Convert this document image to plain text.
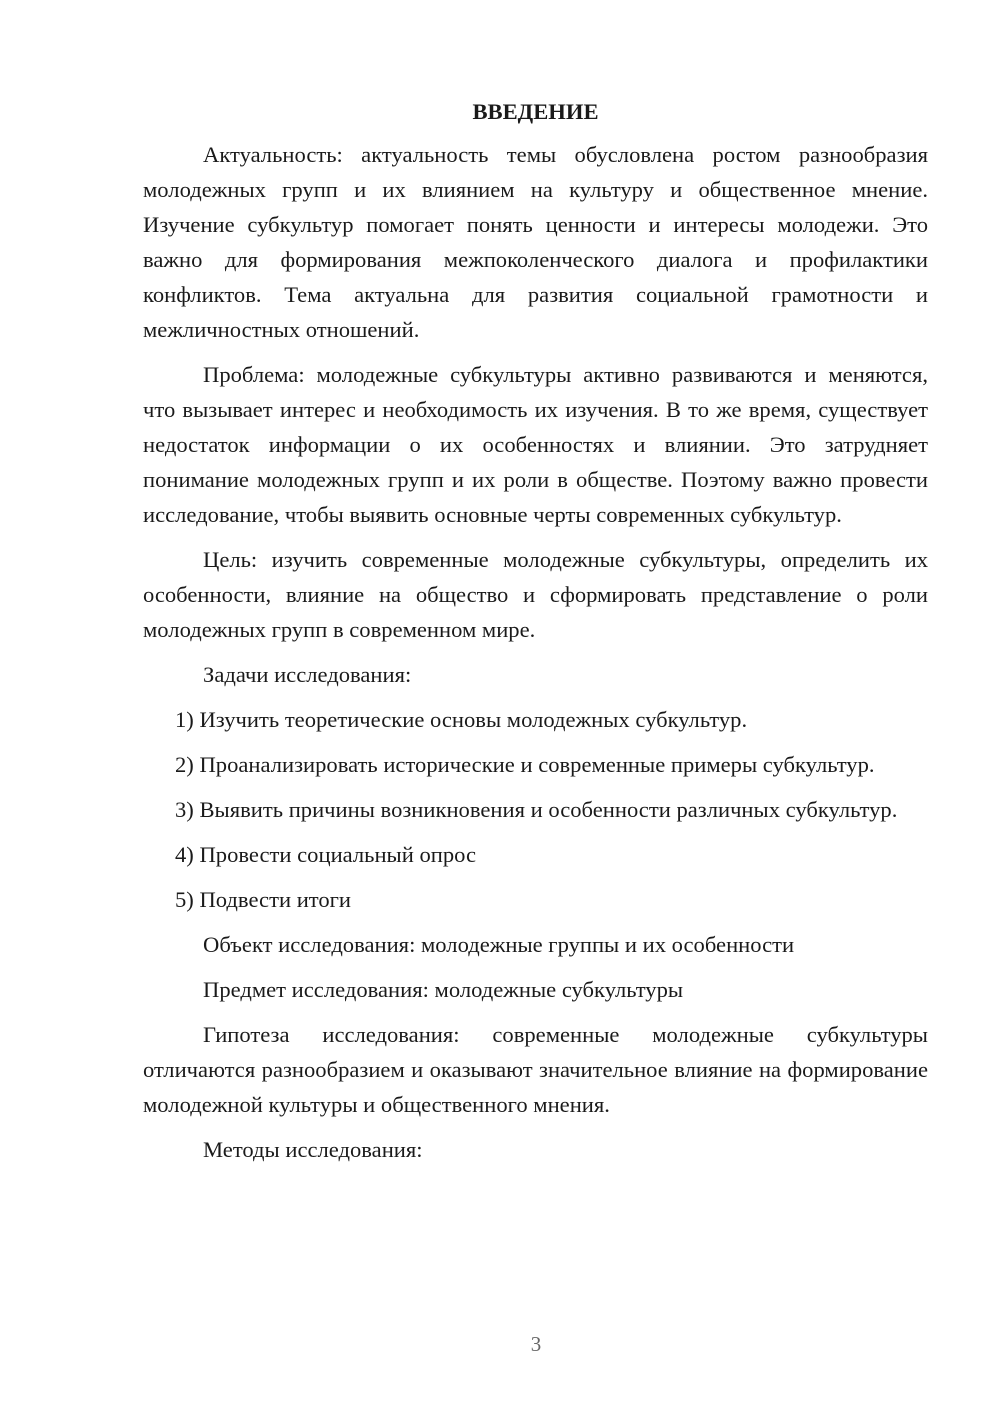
ВВЕДЕНИЕ

Актуальность: актуальность темы обусловлена ростом разнообразия молодежных групп и их влиянием на культуру и общественное мнение. Изучение субкультур помогает понять ценности и интересы молодежи. Это важно для формирования межпоколенческого диалога и профилактики конфликтов. Тема актуальна для развития социальной грамотности и межличностных отношений.

Проблема: молодежные субкультуры активно развиваются и меняются, что вызывает интерес и необходимость их изучения. В то же время, существует недостаток информации о их особенностях и влиянии. Это затрудняет понимание молодежных групп и их роли в обществе. Поэтому важно провести исследование, чтобы выявить основные черты современных субкультур.

Цель: изучить современные молодежные субкультуры, определить их особенности, влияние на общество и сформировать представление о роли молодежных групп в современном мире.

Задачи исследования:

1) Изучить теоретические основы молодежных субкультур.

2) Проанализировать исторические и современные примеры субкультур.

3) Выявить причины возникновения и особенности различных субкультур.

4) Провести социальный опрос

5) Подвести итоги

Объект исследования: молодежные группы и их особенности

Предмет исследования: молодежные субкультуры

Гипотеза исследования: современные молодежные субкультуры отличаются разнообразием и оказывают значительное влияние на формирование молодежной культуры и общественного мнения.

Методы исследования:

3
